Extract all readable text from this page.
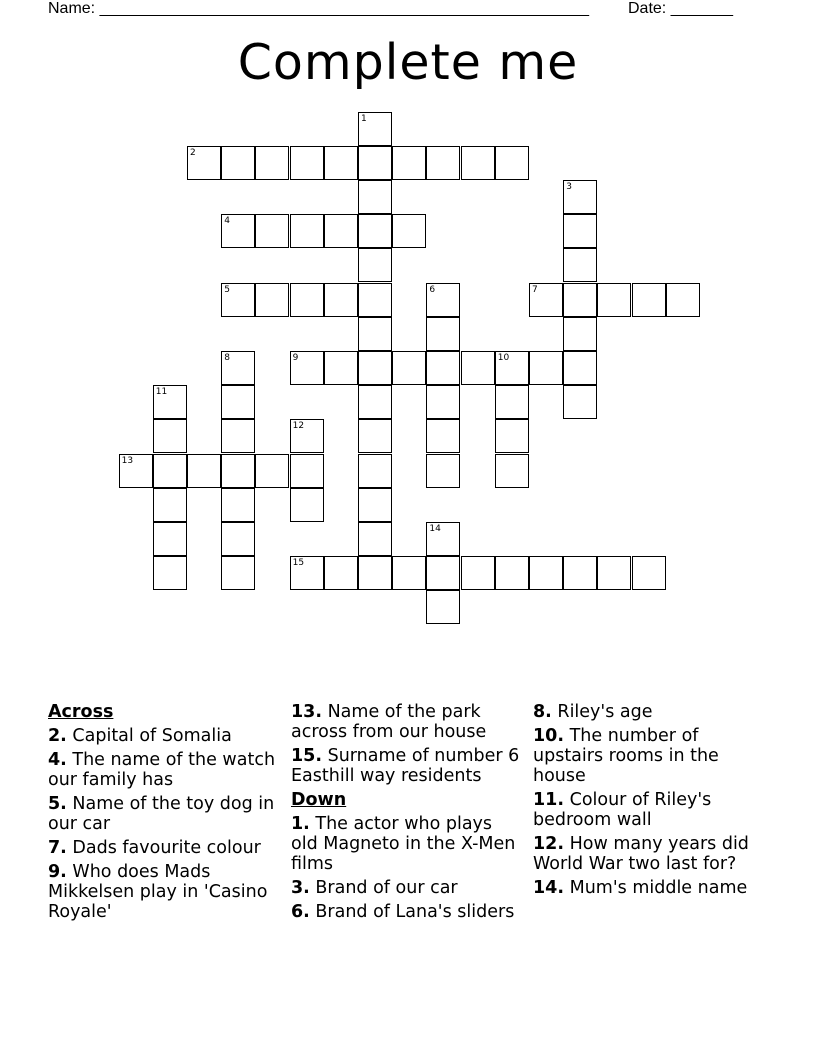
Name: _______________________________________________________ Date: _______
Complete me
1
2
3
4
5	6	7
8	9	10
11
12
13
14
15
Across
2. Capital of Somalia
4. The name of the watch our family has
5. Name of the toy dog in our car
7. Dads favourite colour
9. Who does Mads Mikkelsen play in 'Casino Royale'
13. Name of the park across from our house
15. Surname of number 6 Easthill way residents
Down
1. The actor who plays old Magneto in the X-Men films
3. Brand of our car
6. Brand of Lana's sliders
8. Riley's age
10. The number of upstairs rooms in the house
11. Colour of Riley's bedroom wall
12. How many years did World War two last for?
14. Mum's middle name
